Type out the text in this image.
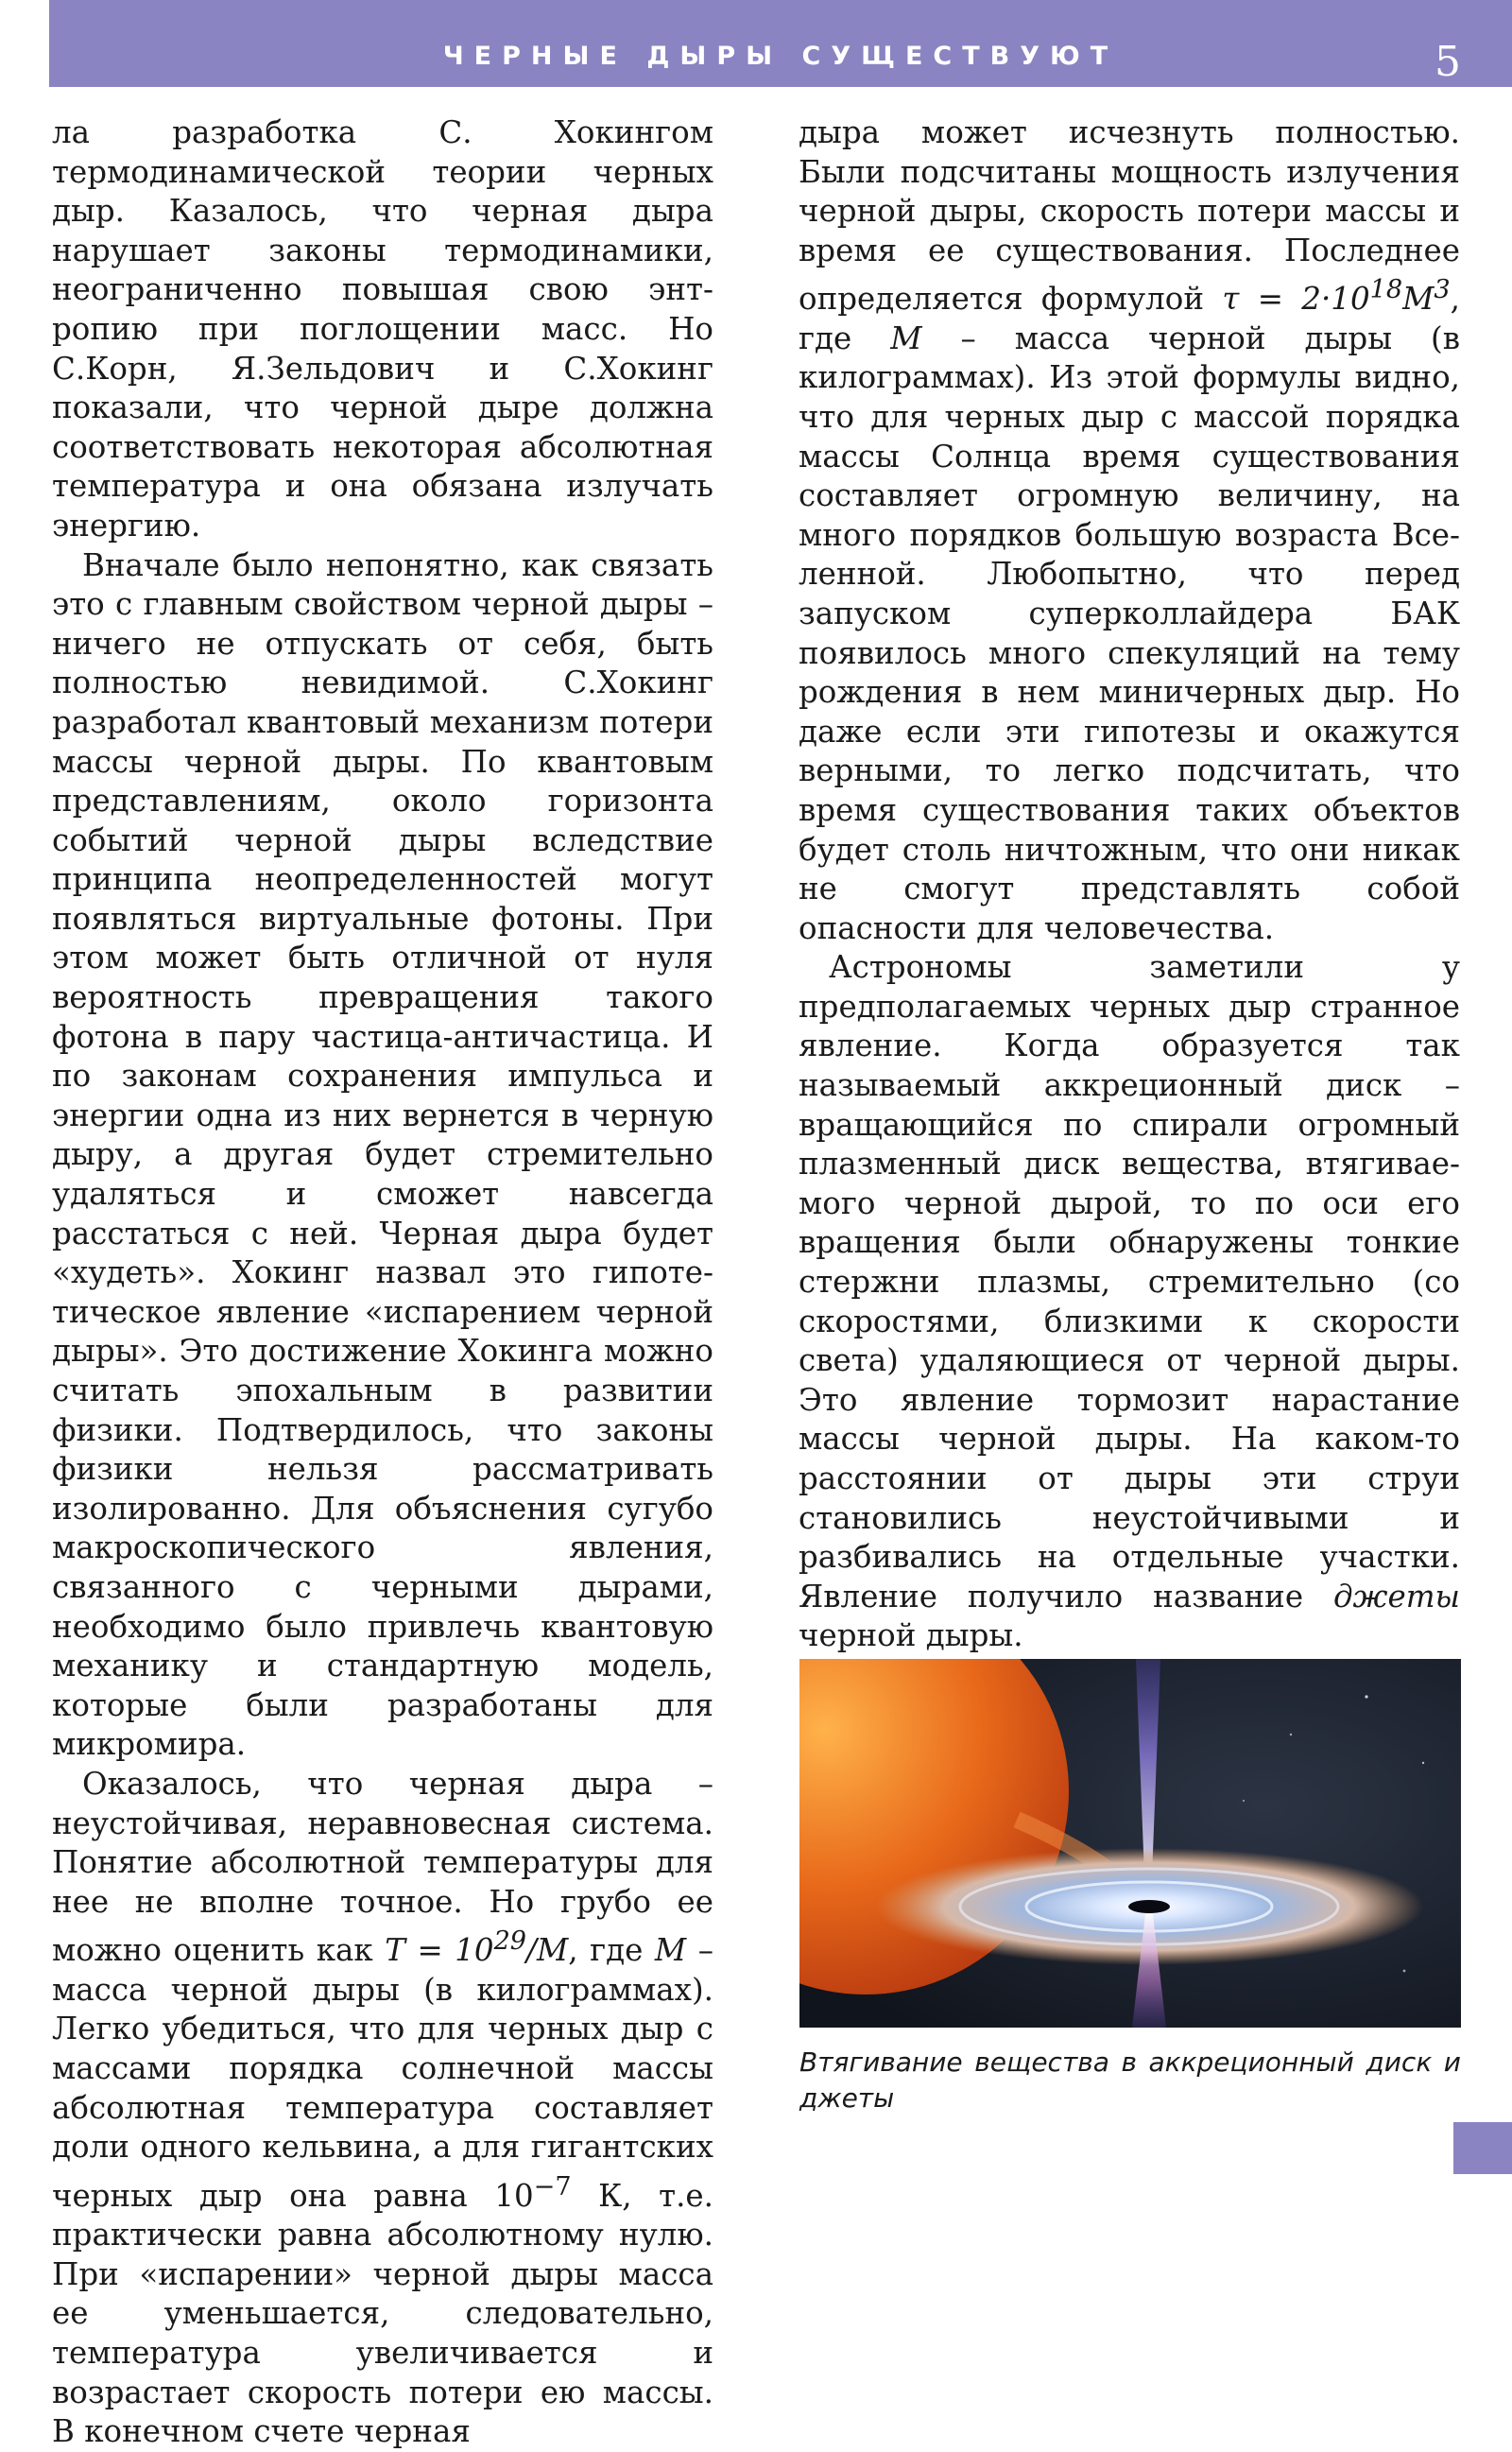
ЧЕРНЫЕ ДЫРЫ СУЩЕСТВУЮТ	5

ла разработка С. Хокингом термодинамической теории черных дыр. Казалось, что черная дыра нарушает законы термодинамики, неограниченно повышая свою энтропию при поглощении масс. Но С.Корн, Я.Зельдович и С.Хокинг показали, что черной дыре должна соответствовать некоторая абсолютная температура и она обязана излучать энергию.

Вначале было непонятно, как связать это с главным свойством черной дыры – ничего не отпускать от себя, быть полностью невидимой. С.Хокинг разработал квантовый механизм потери массы черной дыры. По квантовым представлениям, около горизонта событий черной дыры вследствие принципа неопределенностей могут появляться виртуальные фотоны. При этом может быть отличной от нуля вероятность превращения такого фотона в пару частица-античастица. И по законам сохранения импульса и энергии одна из них вернется в черную дыру, а другая будет стремительно удаляться и сможет навсегда расстаться с ней. Черная дыра будет «худеть». Хокинг назвал это гипотетическое явление «испарением черной дыры». Это достижение Хокинга можно считать эпохальным в развитии физики. Подтвердилось, что законы физики нельзя рассматривать изолированно. Для объяснения сугубо макроскопического явления, связанного с черными дырами, необходимо было привлечь квантовую механику и стандартную модель, которые были разработаны для микромира.

Оказалось, что черная дыра – неустойчивая, неравновесная система. Понятие абсолютной температуры для нее не вполне точное. Но грубо ее можно оценить как $T = 10^{29}/M$, где M – масса черной дыры (в килограммах). Легко убедиться, что для черных дыр с массами порядка солнечной массы абсолютная температура составляет доли одного кельвина, а для гигантских черных дыр она равна $10^{-7}$ К, т.е. практически равна абсолютному нулю. При «испарении» черной дыры масса ее уменьшается, следовательно, температура увеличивается и возрастает скорость потери ею массы. В конечном счете черная

дыра может исчезнуть полностью. Были подсчитаны мощность излучения черной дыры, скорость потери массы и время ее существования. Последнее определяется формулой $\tau = 2\cdot 10^{18}M^3$, где M – масса черной дыры (в килограммах). Из этой формулы видно, что для черных дыр с массой порядка массы Солнца время существования составляет огромную величину, на много порядков большую возраста Вселенной. Любопытно, что перед запуском суперколлайдера БАК появилось много спекуляций на тему рождения в нем миничерных дыр. Но даже если эти гипотезы и окажутся верными, то легко подсчитать, что время существования таких объектов будет столь ничтожным, что они никак не смогут представлять собой опасности для человечества.

Астрономы заметили у предполагаемых черных дыр странное явление. Когда образуется так называемый аккреционный диск – вращающийся по спирали огромный плазменный диск вещества, втягиваемого черной дырой, то по оси его вращения были обнаружены тонкие стержни плазмы, стремительно (со скоростями, близкими к скорости света) удаляющиеся от черной дыры. Это явление тормозит нарастание массы черной дыры. На каком-то расстоянии от дыры эти струи становились неустойчивыми и разбивались на отдельные участки. Явление получило название джеты черной дыры.

Втягивание вещества в аккреционный диск и джеты
